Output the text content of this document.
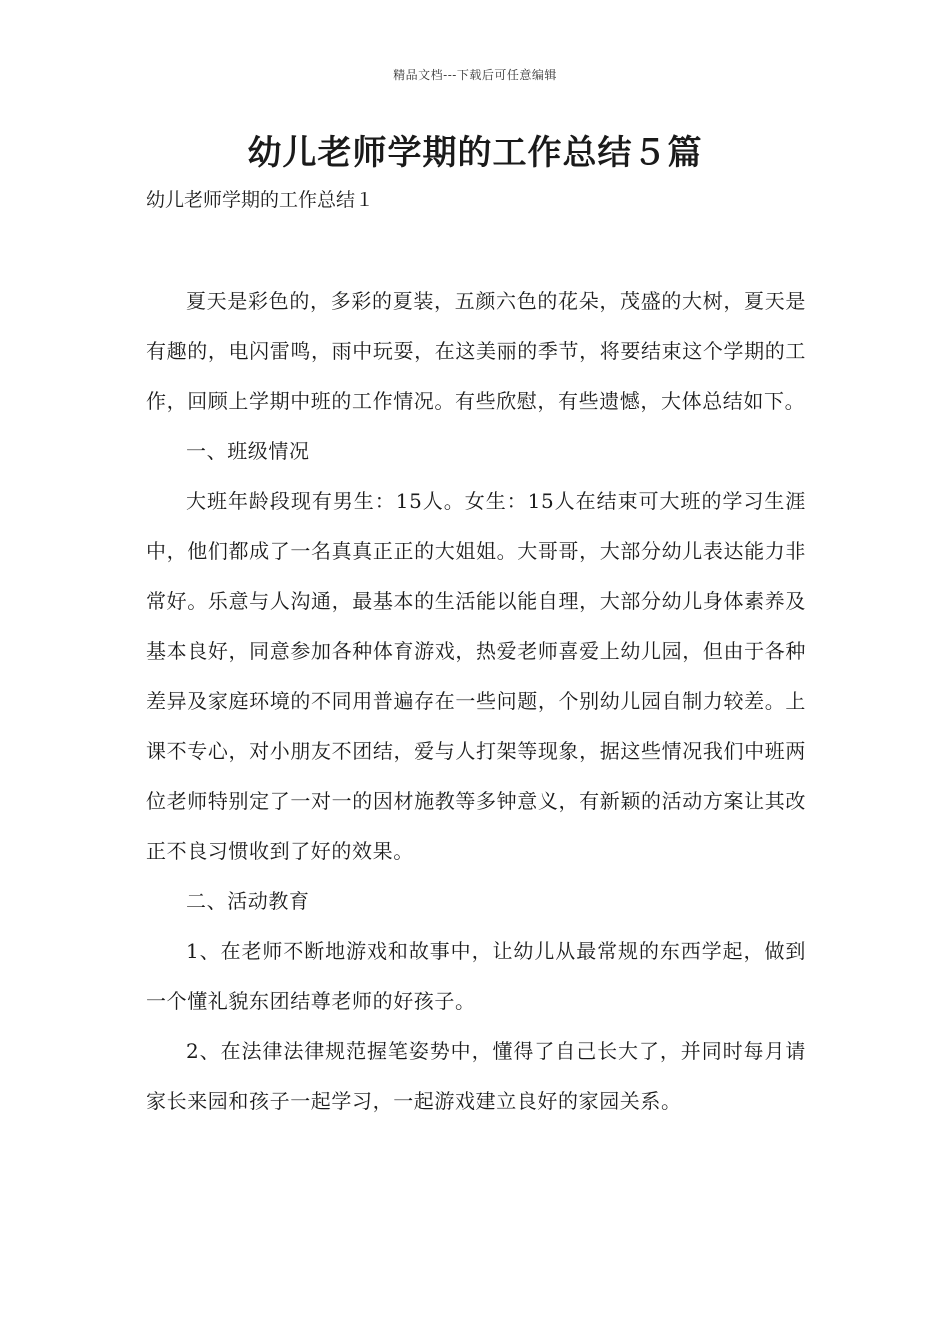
精品文档---下载后可任意编辑
幼儿老师学期的工作总结５篇

幼儿老师学期的工作总结１

夏天是彩色的，多彩的夏装，五颜六色的花朵，茂盛的大树，夏天是有趣的，电闪雷鸣，雨中玩耍，在这美丽的季节，将要结束这个学期的工作，回顾上学期中班的工作情况。有些欣慰，有些遗憾，大体总结如下。

一、班级情况

大班年龄段现有男生：15人。女生：15人在结束可大班的学习生涯中，他们都成了一名真真正正的大姐姐。大哥哥，大部分幼儿表达能力非常好。乐意与人沟通，最基本的生活能以能自理，大部分幼儿身体素养及基本良好，同意参加各种体育游戏，热爱老师喜爱上幼儿园，但由于各种差异及家庭环境的不同用普遍存在一些问题，个别幼儿园自制力较差。上课不专心，对小朋友不团结，爱与人打架等现象，据这些情况我们中班两位老师特别定了一对一的因材施教等多钟意义，有新颖的活动方案让其改正不良习惯收到了好的效果。

二、活动教育

1、在老师不断地游戏和故事中，让幼儿从最常规的东西学起，做到一个懂礼貌东团结尊老师的好孩子。

2、在法律法律规范握笔姿势中，懂得了自己长大了，并同时每月请家长来园和孩子一起学习，一起游戏建立良好的家园关系。
